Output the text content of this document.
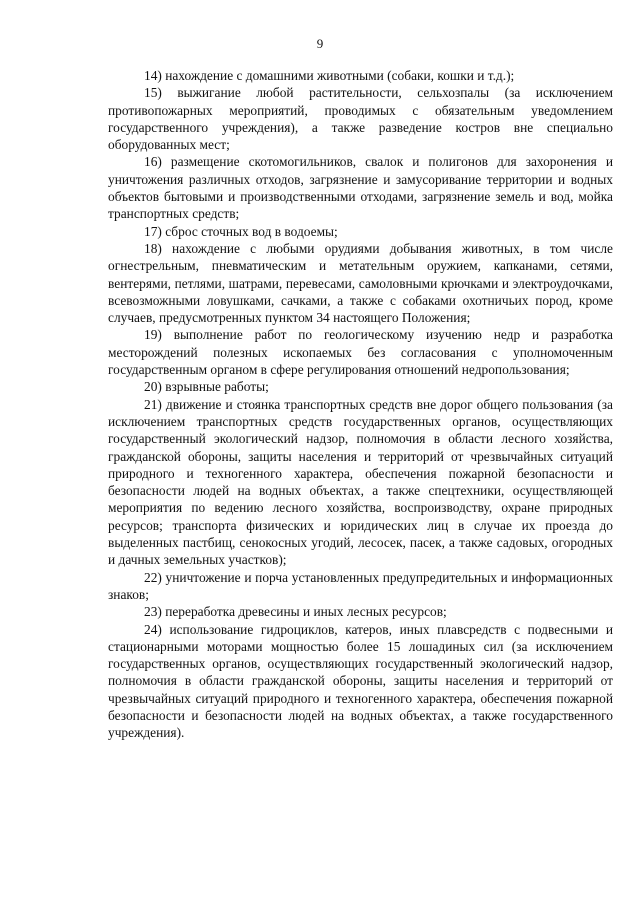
9

14) нахождение с домашними животными (собаки, кошки и т.д.);

15) выжигание любой растительности, сельхозпалы (за исключением противопожарных мероприятий, проводимых с обязательным уведомлением государственного учреждения), а также разведение костров вне специально оборудованных мест;

16) размещение скотомогильников, свалок и полигонов для захоронения и уничтожения различных отходов, загрязнение и замусоривание территории и водных объектов бытовыми и производственными отходами, загрязнение земель и вод, мойка транспортных средств;

17) сброс сточных вод в водоемы;

18) нахождение с любыми орудиями добывания животных, в том числе огнестрельным, пневматическим и метательным оружием, капканами, сетями, вентерями, петлями, шатрами, перевесами, самоловными крючками и электроудочками, всевозможными ловушками, сачками, а также с собаками охотничьих пород, кроме случаев, предусмотренных пунктом 34 настоящего Положения;

19) выполнение работ по геологическому изучению недр и разработка месторождений полезных ископаемых без согласования с уполномоченным государственным органом в сфере регулирования отношений недропользования;

20) взрывные работы;

21) движение и стоянка транспортных средств вне дорог общего пользования (за исключением транспортных средств государственных органов, осуществляющих государственный экологический надзор, полномочия в области лесного хозяйства, гражданской обороны, защиты населения и территорий от чрезвычайных ситуаций природного и техногенного характера, обеспечения пожарной безопасности и безопасности людей на водных объектах, а также спецтехники, осуществляющей мероприятия по ведению лесного хозяйства, воспроизводству, охране природных ресурсов; транспорта физических и юридических лиц в случае их проезда до выделенных пастбищ, сенокосных угодий, лесосек, пасек, а также садовых, огородных и дачных земельных участков);

22) уничтожение и порча установленных предупредительных и информационных знаков;

23) переработка древесины и иных лесных ресурсов;

24) использование гидроциклов, катеров, иных плавсредств с подвесными и стационарными моторами мощностью более 15 лошадиных сил (за исключением государственных органов, осуществляющих государственный экологический надзор, полномочия в области гражданской обороны, защиты населения и территорий от чрезвычайных ситуаций природного и техногенного характера, обеспечения пожарной безопасности и безопасности людей на водных объектах, а также государственного учреждения).
